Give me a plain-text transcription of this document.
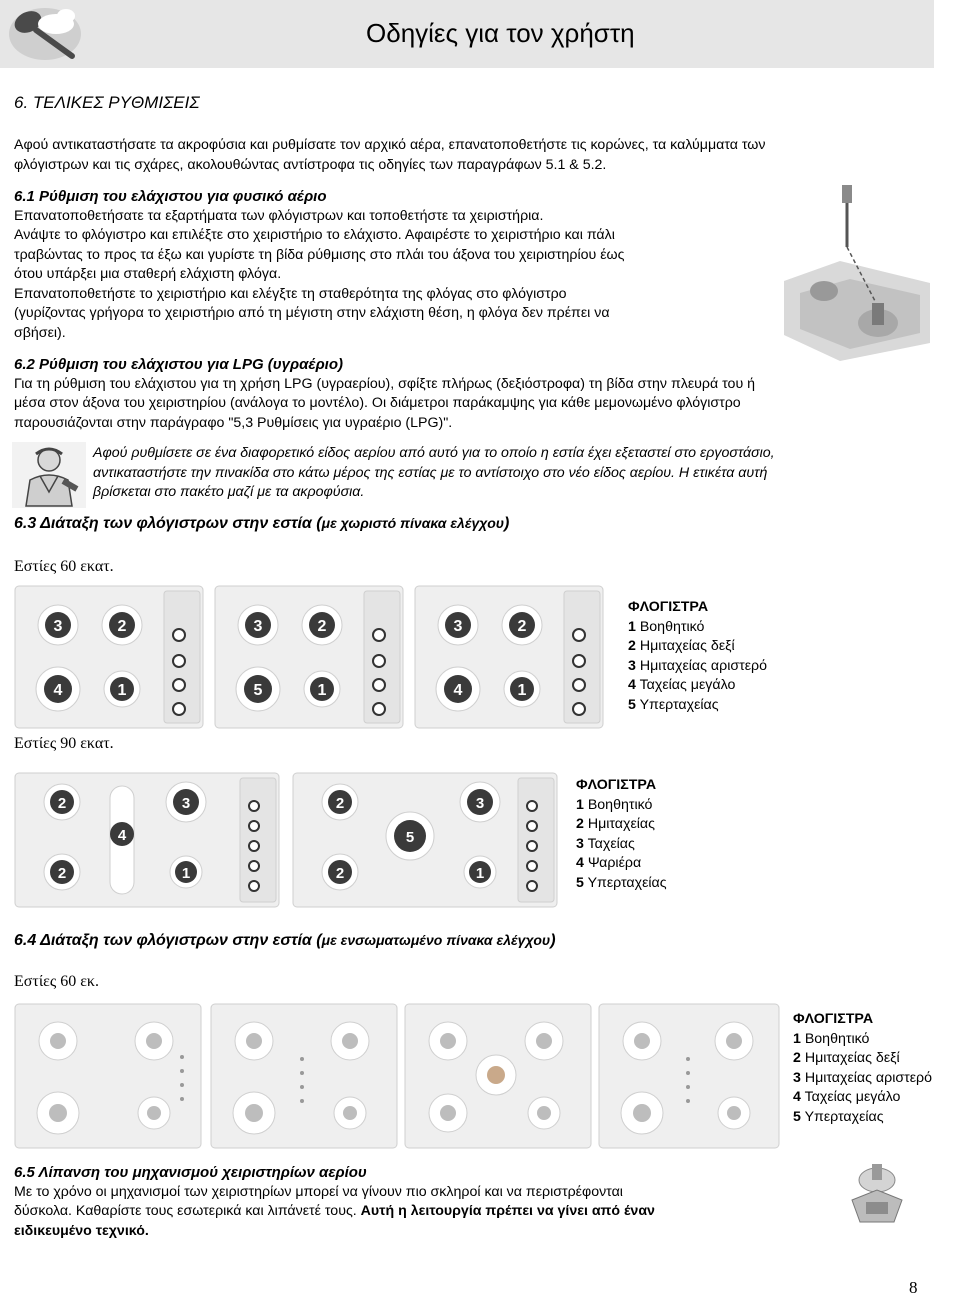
Οδηγίες για τον χρήστη
6. ΤΕΛΙΚΕΣ ΡΥΘΜΙΣΕΙΣ
Αφού αντικαταστήσατε τα ακροφύσια και ρυθμίσατε τον αρχικό αέρα, επανατοποθετήστε τις κορώνες, τα καλύμματα των
φλόγιστρων και τις σχάρες, ακολουθώντας αντίστροφα τις οδηγίες των παραγράφων 5.1 & 5.2.
6.1 Ρύθμιση του ελάχιστου για φυσικό αέριο
Επανατοποθετήσατε τα εξαρτήματα των φλόγιστρων και τοποθετήστε τα χειριστήρια.
Ανάψτε το φλόγιστρο και επιλέξτε στο χειριστήριο το ελάχιστο. Αφαιρέστε το χειριστήριο και πάλι
τραβώντας το προς τα έξω και γυρίστε τη βίδα ρύθμισης στο πλάι του άξονα του χειριστηρίου έως
ότου υπάρξει μια σταθερή ελάχιστη φλόγα.
Επανατοποθετήστε το χειριστήριο και ελέγξτε τη σταθερότητα της φλόγας στο φλόγιστρο
(γυρίζοντας γρήγορα το χειριστήριο από τη μέγιστη στην ελάχιστη θέση, η φλόγα δεν πρέπει να
σβήσει).
6.2 Ρύθμιση του ελάχιστου για LPG (υγραέριο)
Για τη ρύθμιση του ελάχιστου για τη χρήση LPG (υγραερίου), σφίξτε πλήρως (δεξιόστροφα) τη βίδα στην πλευρά του ή
μέσα στον άξονα του χειριστηρίου (ανάλογα το μοντέλο). Οι διάμετροι παράκαμψης για κάθε μεμονωμένο φλόγιστρο
παρουσιάζονται στην παράγραφο "5,3 Ρυθμίσεις για υγραέριο (LPG)".
Αφού ρυθμίσετε σε ένα διαφορετικό είδος αερίου από αυτό για το οποίο η εστία έχει εξεταστεί στο εργοστάσιο,
αντικαταστήστε την πινακίδα στο κάτω μέρος της εστίας με το αντίστοιχο στο νέο είδος αερίου. Η ετικέτα αυτή
βρίσκεται στο πακέτο μαζί με τα ακροφύσια.
6.3 Διάταξη των φλόγιστρων στην εστία (με χωριστό πίνακα ελέγχου)
Εστίες 60 εκατ.
3	2
4	1
3	2
5	1
3	2
4	1
ΦΛΟΓΙΣΤΡΑ
1 Βοηθητικό
2 Ημιταχείας δεξί
3 Ημιταχείας αριστερό
4 Ταχείας μεγάλο
5 Υπερταχείας
Εστίες 90 εκατ.
2
2
4
3
1
2
2
5
3
1
ΦΛΟΓΙΣΤΡΑ
1 Βοηθητικό
2 Ημιταχείας
3 Ταχείας
4 Ψαριέρα
5 Υπερταχείας
6.4 Διάταξη των φλόγιστρων στην εστία (με ενσωματωμένο πίνακα ελέγχου)
Εστίες 60 εκ.
ΦΛΟΓΙΣΤΡΑ
1 Βοηθητικό
2 Ημιταχείας δεξί
3 Ημιταχείας αριστερό
4 Ταχείας μεγάλο
5 Υπερταχείας
6.5 Λίπανση του μηχανισμού χειριστηρίων αερίου
Με το χρόνο οι μηχανισμοί των χειριστηρίων μπορεί να γίνουν πιο σκληροί και να περιστρέφονται
δύσκολα. Καθαρίστε τους εσωτερικά και λιπάνετέ τους. Αυτή η λειτουργία πρέπει να γίνει από έναν
ειδικευμένο τεχνικό.
8
